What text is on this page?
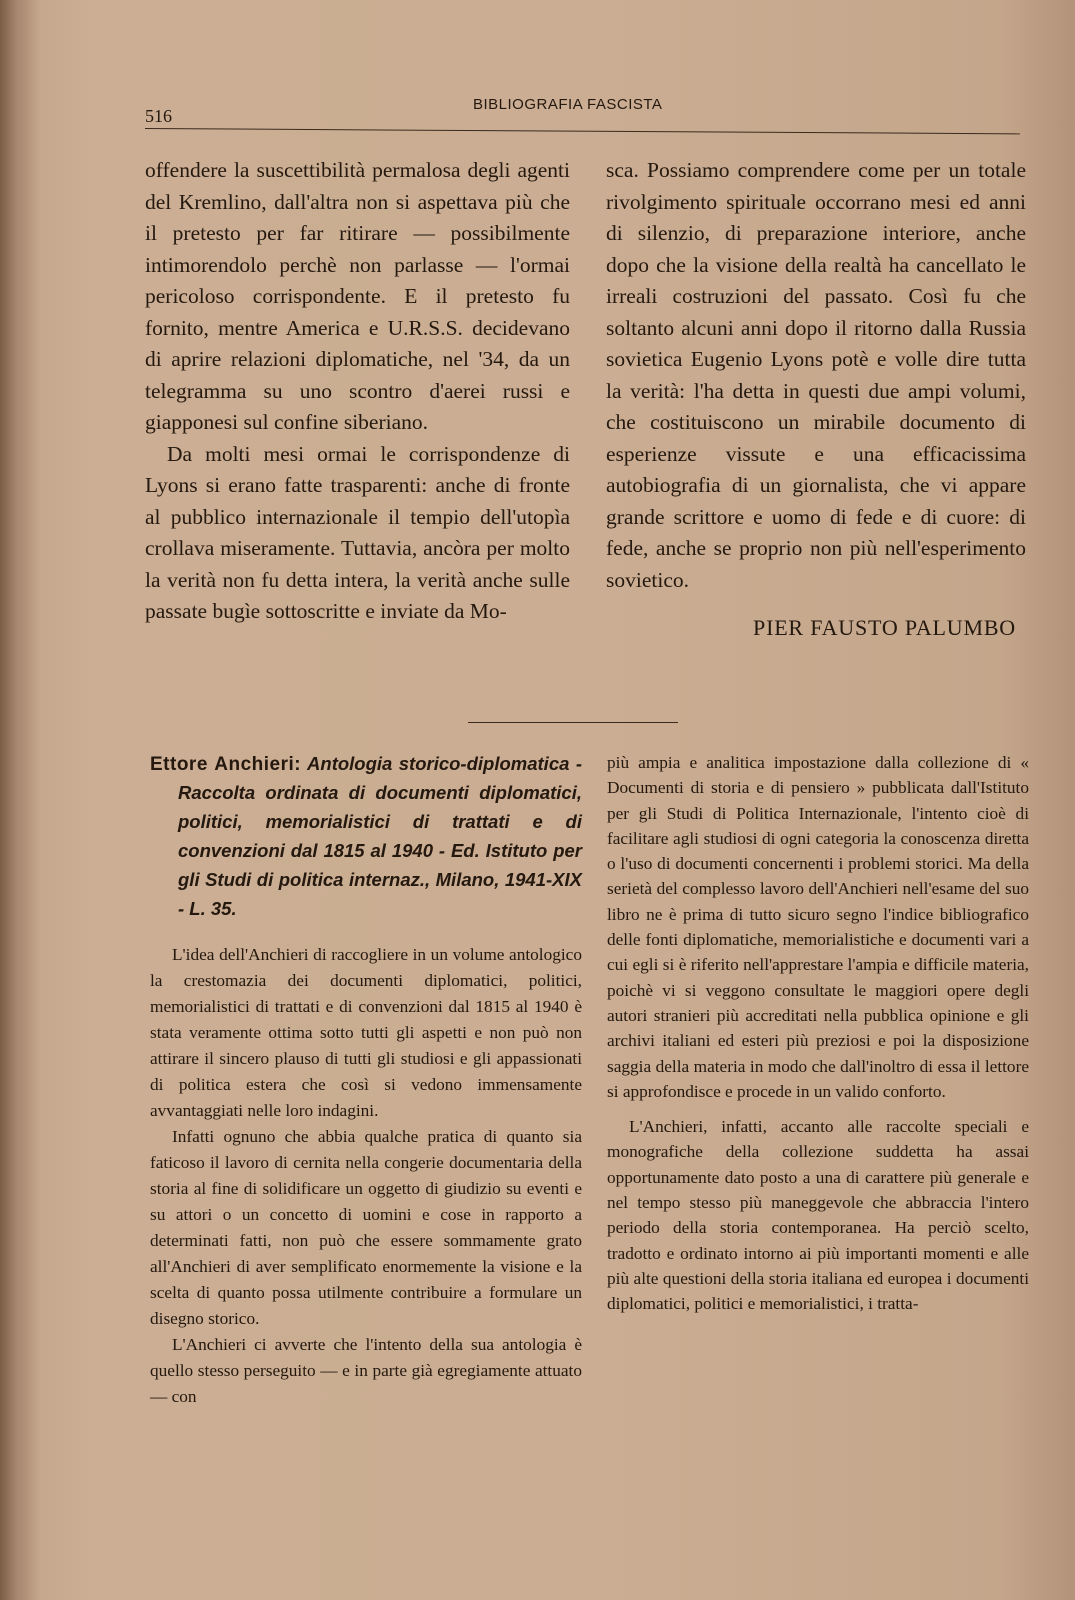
516
BIBLIOGRAFIA FASCISTA

offendere la suscettibilità permalosa degli agenti del Kremlino, dall'altra non si aspettava più che il pretesto per far ritirare — possibilmente intimorendolo perchè non parlasse — l'ormai pericoloso corrispondente. E il pretesto fu fornito, mentre America e U.R.S.S. decidevano di aprire relazioni diplomatiche, nel '34, da un telegramma su uno scontro d'aerei russi e giapponesi sul confine siberiano.

Da molti mesi ormai le corrispondenze di Lyons si erano fatte trasparenti: anche di fronte al pubblico internazionale il tempio dell'utopìa crollava miseramente. Tuttavia, ancòra per molto la verità non fu detta intera, la verità anche sulle passate bugìe sottoscritte e inviate da Mo-

sca. Possiamo comprendere come per un totale rivolgimento spirituale occorrano mesi ed anni di silenzio, di preparazione interiore, anche dopo che la visione della realtà ha cancellato le irreali costruzioni del passato. Così fu che soltanto alcuni anni dopo il ritorno dalla Russia sovietica Eugenio Lyons potè e volle dire tutta la verità: l'ha detta in questi due ampi volumi, che costituiscono un mirabile documento di esperienze vissute e una efficacissima autobiografia di un giornalista, che vi appare grande scrittore e uomo di fede e di cuore: di fede, anche se proprio non più nell'esperimento sovietico.

PIER FAUSTO PALUMBO

Ettore Anchieri: Antologia storico-diplomatica - Raccolta ordinata di documenti diplomatici, politici, memorialistici di trattati e di convenzioni dal 1815 al 1940 - Ed. Istituto per gli Studi di politica internaz., Milano, 1941-XIX - L. 35.

L'idea dell'Anchieri di raccogliere in un volume antologico la crestomazia dei documenti diplomatici, politici, memorialistici di trattati e di convenzioni dal 1815 al 1940 è stata veramente ottima sotto tutti gli aspetti e non può non attirare il sincero plauso di tutti gli studiosi e gli appassionati di politica estera che così si vedono immensamente avvantaggiati nelle loro indagini.

Infatti ognuno che abbia qualche pratica di quanto sia faticoso il lavoro di cernita nella congerie documentaria della storia al fine di solidificare un oggetto di giudizio su eventi e su attori o un concetto di uomini e cose in rapporto a determinati fatti, non può che essere sommamente grato all'Anchieri di aver semplificato enormemente la visione e la scelta di quanto possa utilmente contribuire a formulare un disegno storico.

L'Anchieri ci avverte che l'intento della sua antologia è quello stesso perseguito — e in parte già egregiamente attuato — con

più ampia e analitica impostazione dalla collezione di « Documenti di storia e di pensiero » pubblicata dall'Istituto per gli Studi di Politica Internazionale, l'intento cioè di facilitare agli studiosi di ogni categoria la conoscenza diretta o l'uso di documenti concernenti i problemi storici. Ma della serietà del complesso lavoro dell'Anchieri nell'esame del suo libro ne è prima di tutto sicuro segno l'indice bibliografico delle fonti diplomatiche, memorialistiche e documenti vari a cui egli si è riferito nell'apprestare l'ampia e difficile materia, poichè vi si veggono consultate le maggiori opere degli autori stranieri più accreditati nella pubblica opinione e gli archivi italiani ed esteri più preziosi e poi la disposizione saggia della materia in modo che dall'inoltro di essa il lettore si approfondisce e procede in un valido conforto.

L'Anchieri, infatti, accanto alle raccolte speciali e monografiche della collezione suddetta ha assai opportunamente dato posto a una di carattere più generale e nel tempo stesso più maneggevole che abbraccia l'intero periodo della storia contemporanea. Ha perciò scelto, tradotto e ordinato intorno ai più importanti momenti e alle più alte questioni della storia italiana ed europea i documenti diplomatici, politici e memorialistici, i tratta-
